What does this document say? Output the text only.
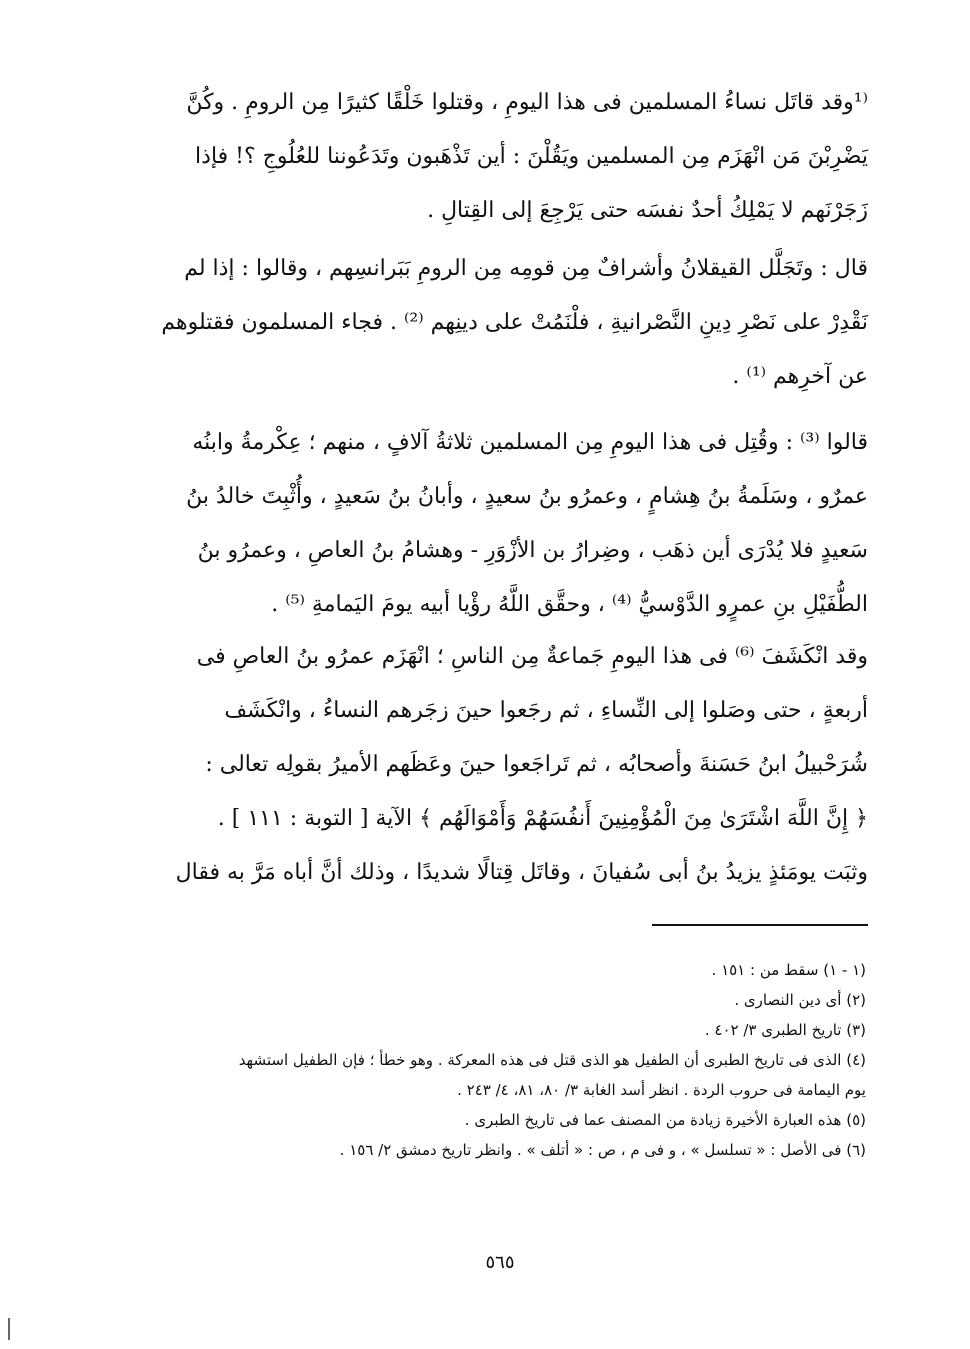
⁽¹وقد قاتَل نساءُ المسلمين فى هذا اليومِ ، وقتلوا خَلْقًا كثيرًا مِن الرومِ . وكُنَّ
يَضْرِبْنَ مَن انْهَزَم مِن المسلمين ويَقُلْنَ : أين تَذْهَبون وتَدَعُوننا للعُلُوجِ ؟! فإذا
زَجَرْنَهم لا يَمْلِكُ أحدٌ نفسَه حتى يَرْجِعَ إلى القِتالِ .
قال : وتَجَلَّل القيقلانُ وأشرافٌ مِن قومِه مِن الرومِ بَبَرانسِهم ، وقالوا : إذا لم
نَقْدِرْ على نَصْرِ دِينِ النَّصْرانيةِ ، فلْنَمُتْ على دينِهم ⁽²⁾ . فجاء المسلمون فقتلوهم
عن آخرِهم ⁽¹⁾ .
قالوا ⁽³⁾ : وقُتِل فى هذا اليومِ مِن المسلمين ثلاثةُ آلافٍ ، منهم ؛ عِكْرمةُ وابنُه
عمرٌو ، وسَلَمةُ بنُ هِشامٍ ، وعمرُو بنُ سعيدٍ ، وأبانُ بنُ سَعيدٍ ، وأُثْبِتَ خالدُ بنُ
سَعيدٍ فلا يُدْرَى أين ذهَب ، وضِرارُ بن الأزْوَرِ - وهشامُ بنُ العاصِ ، وعمرُو بنُ
الطُّفَيْلِ بنِ عمرٍو الدَّوْسيُّ ⁽⁴⁾ ، وحقَّق اللَّهُ رؤْيا أبيه يومَ اليَمامةِ ⁽⁵⁾ .
وقد انْكَشَفَ ⁽⁶⁾ فى هذا اليومِ جَماعةٌ مِن الناسِ ؛ انْهَزَم عمرُو بنُ العاصِ فى
أربعةٍ ، حتى وصَلوا إلى النِّساءِ ، ثم رجَعوا حينَ زجَرهم النساءُ ، وانْكَشَف
شُرَحْبيلُ ابنُ حَسَنةَ وأصحابُه ، ثم تَراجَعوا حينَ وعَظَهم الأميرُ بقولِه تعالى :
﴿ إِنَّ اللَّهَ اشْتَرَىٰ مِنَ الْمُؤْمِنِينَ أَنفُسَهُمْ وَأَمْوَالَهُم ﴾ الآية [ التوبة : ١١١ ] .
وثبَت يومَئذٍ يزيدُ بنُ أبى سُفيانَ ، وقاتَل قِتالًا شديدًا ، وذلك أنَّ أباه مَرَّ به فقال
(١ - ١) سقط من : ١٥١ .
(٢) أى دين النصارى .
(٣) تاريخ الطبرى ٣/ ٤٠٢ .
(٤) الذى فى تاريخ الطبرى أن الطفيل هو الذى قتل فى هذه المعركة . وهو خطأ ؛ فإن الطفيل استشهد
يوم اليمامة فى حروب الردة . انظر أسد الغابة ٣/ ٨٠، ٨١، ٤/ ٢٤٣ .
(٥) هذه العبارة الأخيرة زيادة من المصنف عما فى تاريخ الطبرى .
(٦) فى الأصل : « تسلسل » ، و فى م ، ص : « أتلف » . وانظر تاريخ دمشق ٢/ ١٥٦ .
٥٦٥
